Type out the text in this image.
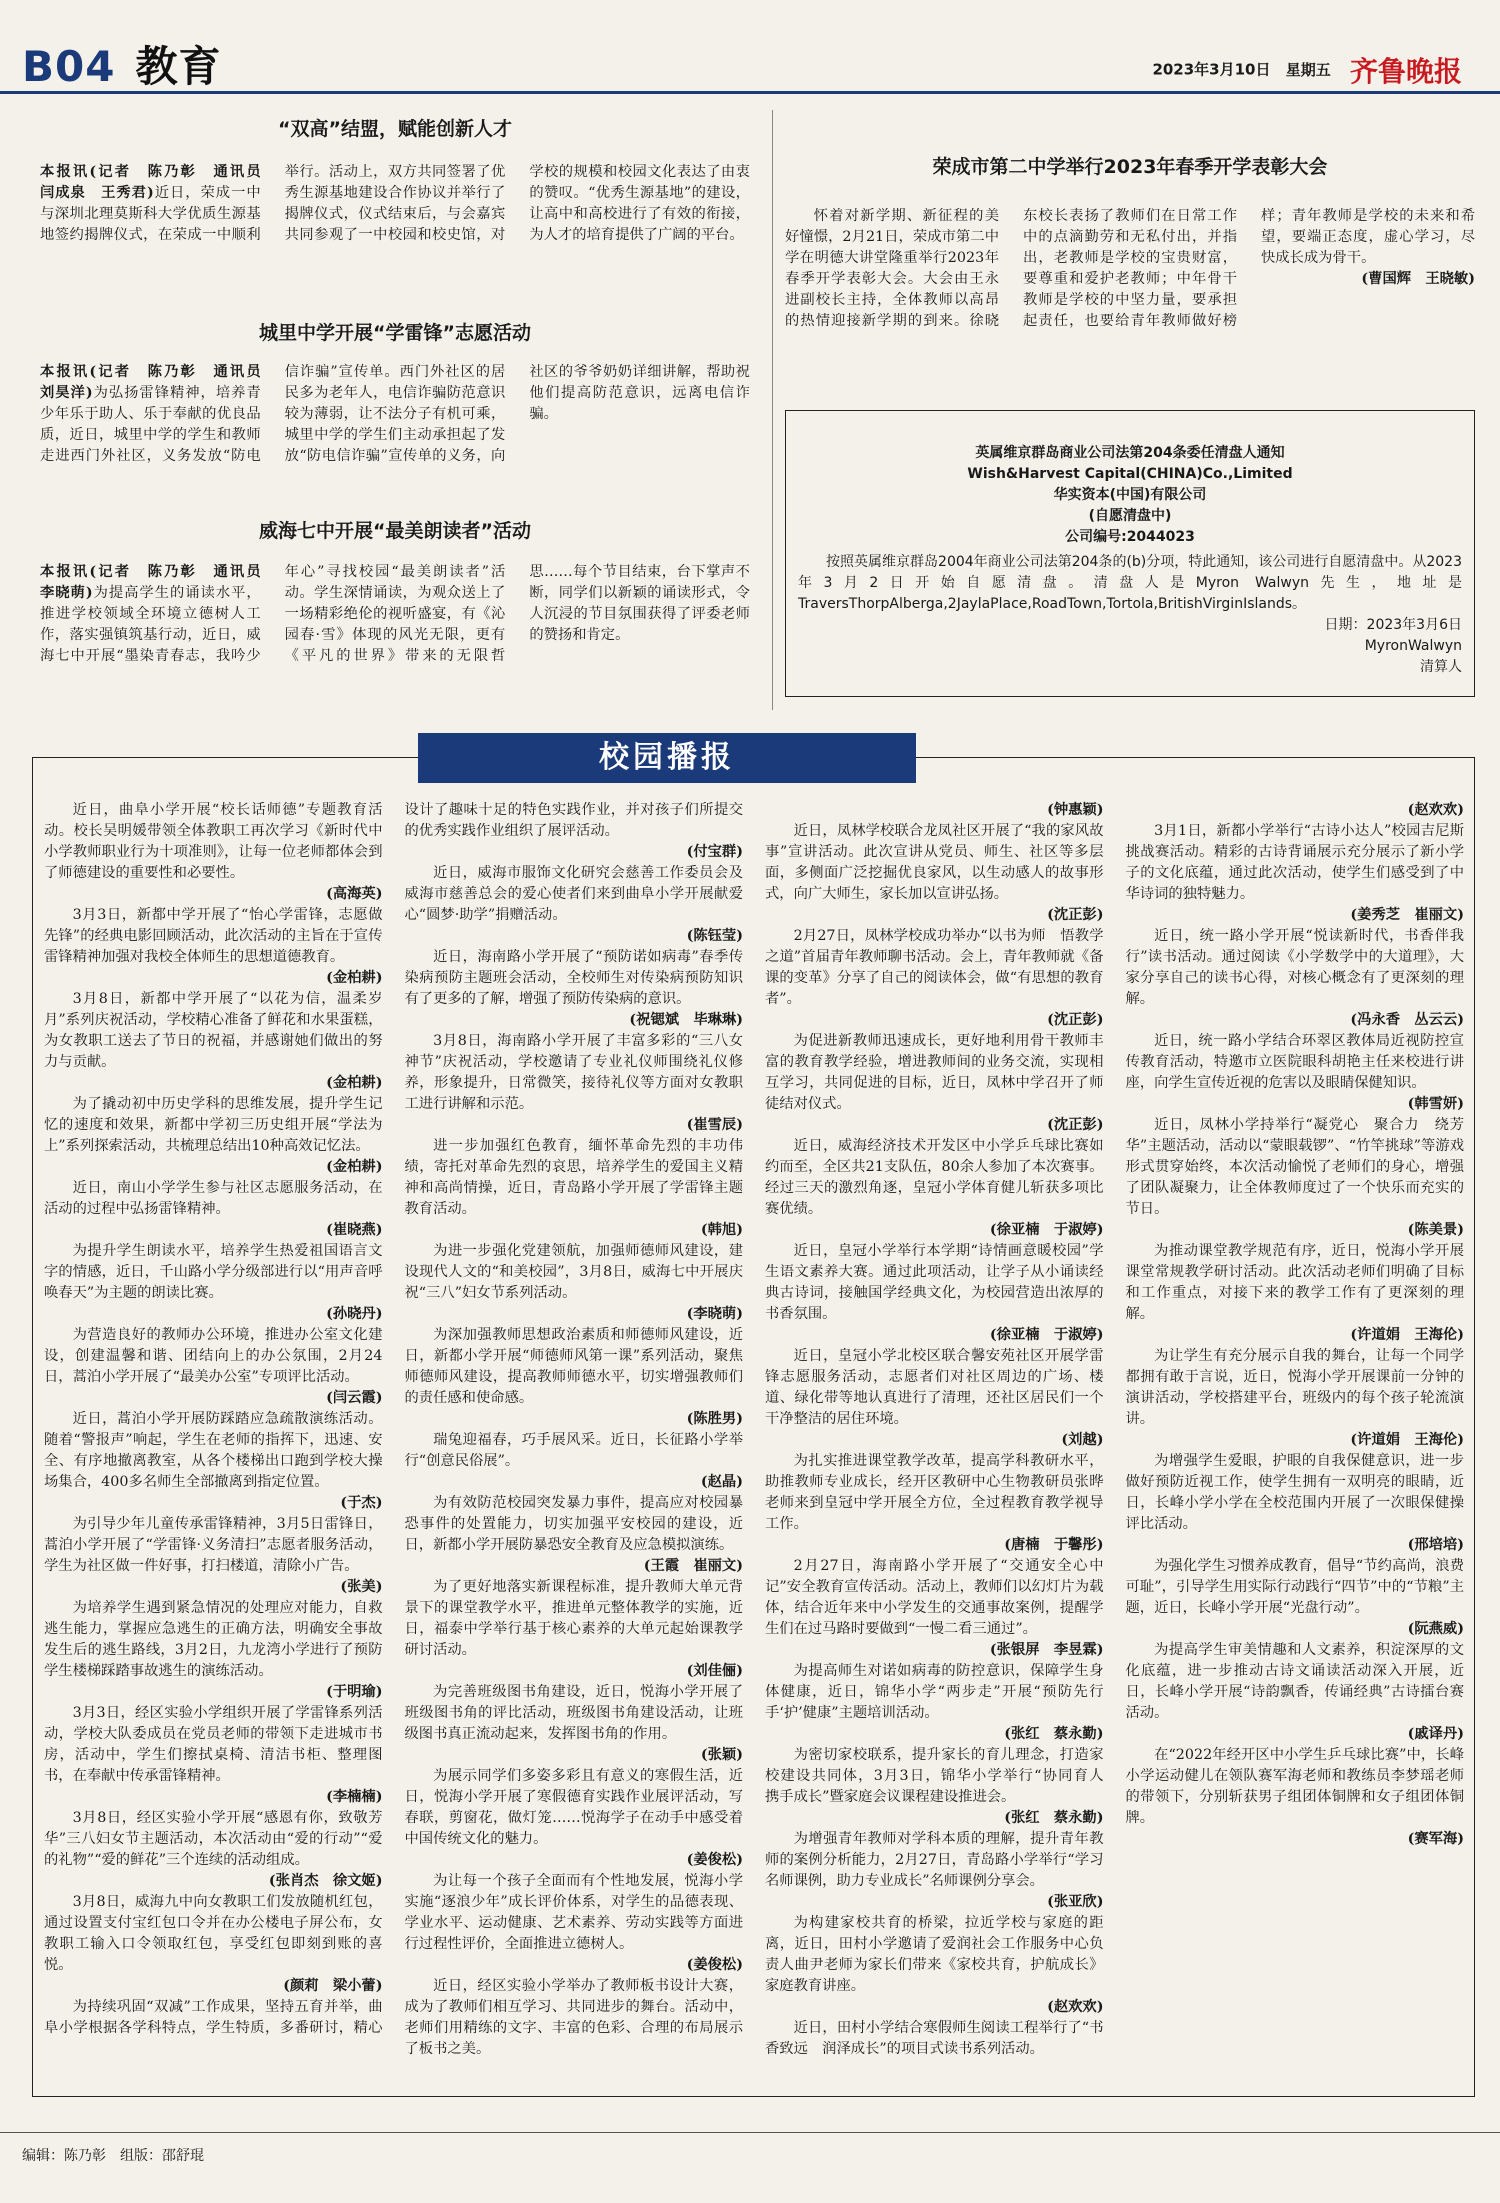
B04 教育	2023年3月10日 星期五 齐鲁晚报
“双高”结盟，赋能创新人才

本报讯(记者　陈乃彰　通讯员　闫成泉　王秀君)近日，荣成一中与深圳北理莫斯科大学优质生源基地签约揭牌仪式，在荣成一中顺利举行。活动上，双方共同签署了优秀生源基地建设合作协议并举行了揭牌仪式，仪式结束后，与会嘉宾共同参观了一中校园和校史馆，对学校的规模和校园文化表达了由衷的赞叹。“优秀生源基地”的建设，让高中和高校进行了有效的衔接，为人才的培育提供了广阔的平台。

城里中学开展“学雷锋”志愿活动

本报讯(记者　陈乃彰　通讯员　刘昊洋)为弘扬雷锋精神，培养青少年乐于助人、乐于奉献的优良品质，近日，城里中学的学生和教师走进西门外社区，义务发放“防电信诈骗”宣传单。西门外社区的居民多为老年人，电信诈骗防范意识较为薄弱，让不法分子有机可乘，城里中学的学生们主动承担起了发放“防电信诈骗”宣传单的义务，向社区的爷爷奶奶详细讲解，帮助祝他们提高防范意识，远离电信诈骗。

威海七中开展“最美朗读者”活动

本报讯(记者　陈乃彰　通讯员　李晓萌)为提高学生的诵读水平，推进学校领域全环境立德树人工作，落实强镇筑基行动，近日，威海七中开展“墨染青春志，我吟少年心”寻找校园“最美朗读者”活动。学生深情诵读，为观众送上了一场精彩绝伦的视听盛宴，有《沁园春·雪》体现的风光无限，更有《平凡的世界》带来的无限哲思……每个节目结束，台下掌声不断，同学们以新颖的诵读形式，令人沉浸的节目氛围获得了评委老师的赞扬和肯定。

荣成市第二中学举行2023年春季开学表彰大会

怀着对新学期、新征程的美好憧憬，2月21日，荣成市第二中学在明德大讲堂隆重举行2023年春季开学表彰大会。大会由王永进副校长主持，全体教师以高昂的热情迎接新学期的到来。徐晓东校长表扬了教师们在日常工作中的点滴勤劳和无私付出，并指出，老教师是学校的宝贵财富，要尊重和爱护老教师；中年骨干教师是学校的中坚力量，要承担起责任，也要给青年教师做好榜样；青年教师是学校的未来和希望，要端正态度，虚心学习，尽快成长成为骨干。

(曹国辉　王晓敏)

英属维京群岛商业公司法第204条委任清盘人通知
Wish&Harvest Capital(CHINA)Co.,Limited
华实资本(中国)有限公司
(自愿清盘中)
公司编号:2044023
按照英属维京群岛2004年商业公司法第204条的(b)分项，特此通知，该公司进行自愿清盘中。从2023年3月2日开始自愿清盘。清盘人是Myron Walwyn先生，地址是TraversThorpAlberga,2JaylaPlace,RoadTown,Tortola,BritishVirginIslands。
日期：2023年3月6日
MyronWalwyn
清算人
校园播报

近日，曲阜小学开展“校长话师德”专题教育活动。校长吴明媛带领全体教职工再次学习《新时代中小学教师职业行为十项准则》，让每一位老师都体会到了师德建设的重要性和必要性。

(高海英)

3月3日，新都中学开展了“怡心学雷锋，志愿做先锋”的经典电影回顾活动，此次活动的主旨在于宣传雷锋精神加强对我校全体师生的思想道德教育。

(金柏耕)

3月8日，新都中学开展了“以花为信，温柔岁月”系列庆祝活动，学校精心准备了鲜花和水果蛋糕，为女教职工送去了节日的祝福，并感谢她们做出的努力与贡献。

(金柏耕)

为了撬动初中历史学科的思维发展，提升学生记忆的速度和效果，新都中学初三历史组开展“学法为上”系列探索活动，共梳理总结出10种高效记忆法。

(金柏耕)

近日，南山小学学生参与社区志愿服务活动，在活动的过程中弘扬雷锋精神。

(崔晓燕)

为提升学生朗读水平，培养学生热爱祖国语言文字的情感，近日，千山路小学分级部进行以“用声音呼唤春天”为主题的朗读比赛。

(孙晓丹)

为营造良好的教师办公环境，推进办公室文化建设，创建温馨和谐、团结向上的办公氛围，2月24日，蒿泊小学开展了“最美办公室”专项评比活动。

(闫云霞)

近日，蒿泊小学开展防踩踏应急疏散演练活动。随着“警报声”响起，学生在老师的指挥下，迅速、安全、有序地撤离教室，从各个楼梯出口跑到学校大操场集合，400多名师生全部撤离到指定位置。

(于杰)

为引导少年儿童传承雷锋精神，3月5日雷锋日，蒿泊小学开展了“学雷锋·义务清扫”志愿者服务活动，学生为社区做一件好事，打扫楼道，清除小广告。

(张美)

为培养学生遇到紧急情况的处理应对能力，自救逃生能力，掌握应急逃生的正确方法，明确安全事故发生后的逃生路线，3月2日，九龙湾小学进行了预防学生楼梯踩踏事故逃生的演练活动。

(于明瑜)

3月3日，经区实验小学组织开展了学雷锋系列活动，学校大队委成员在党员老师的带领下走进城市书房，活动中，学生们擦拭桌椅、清洁书柜、整理图书，在奉献中传承雷锋精神。

(李楠楠)

3月8日，经区实验小学开展“感恩有你，致敬芳华”三八妇女节主题活动，本次活动由“爱的行动”“爱的礼物”“爱的鲜花”三个连续的活动组成。

(张肖杰　徐文姬)

3月8日，威海九中向女教职工们发放随机红包，通过设置支付宝红包口令并在办公楼电子屏公布，女教职工输入口令领取红包，享受红包即刻到账的喜悦。

(颜莉　梁小蕾)

为持续巩固“双减”工作成果，坚持五育并举，曲阜小学根据各学科特点，学生特质，多番研讨，精心设计了趣味十足的特色实践作业，并对孩子们所提交的优秀实践作业组织了展评活动。

(付宝群)

近日，威海市服饰文化研究会慈善工作委员会及威海市慈善总会的爱心使者们来到曲阜小学开展献爱心“圆梦·助学”捐赠活动。

(陈钰莹)

近日，海南路小学开展了“预防诺如病毒”春季传染病预防主题班会活动，全校师生对传染病预防知识有了更多的了解，增强了预防传染病的意识。

(祝锶斌　毕琳琳)

3月8日，海南路小学开展了丰富多彩的“三八女神节”庆祝活动，学校邀请了专业礼仪师围绕礼仪修养，形象提升，日常微笑，接待礼仪等方面对女教职工进行讲解和示范。

(崔雪辰)

进一步加强红色教育，缅怀革命先烈的丰功伟绩，寄托对革命先烈的哀思，培养学生的爱国主义精神和高尚情操，近日，青岛路小学开展了学雷锋主题教育活动。

(韩旭)

为进一步强化党建领航，加强师德师风建设，建设现代人文的“和美校园”，3月8日，威海七中开展庆祝“三八”妇女节系列活动。

(李晓萌)

为深加强教师思想政治素质和师德师风建设，近日，新都小学开展“师德师风第一课”系列活动，聚焦师德师风建设，提高教师师德水平，切实增强教师们的责任感和使命感。

(陈胜男)

瑞兔迎福春，巧手展风采。近日，长征路小学举行“创意民俗展”。

(赵晶)

为有效防范校园突发暴力事件，提高应对校园暴恐事件的处置能力，切实加强平安校园的建设，近日，新都小学开展防暴恐安全教育及应急模拟演练。

(王霞　崔丽文)

为了更好地落实新课程标准，提升教师大单元背景下的课堂教学水平，推进单元整体教学的实施，近日，福泰中学举行基于核心素养的大单元起始课教学研讨活动。

(刘佳俪)

为完善班级图书角建设，近日，悦海小学开展了班级图书角的评比活动，班级图书角建设活动，让班级图书真正流动起来，发挥图书角的作用。

(张颖)

为展示同学们多姿多彩且有意义的寒假生活，近日，悦海小学开展了寒假德育实践作业展评活动，写春联，剪窗花，做灯笼……悦海学子在动手中感受着中国传统文化的魅力。

(姜俊松)

为让每一个孩子全面而有个性地发展，悦海小学实施“逐浪少年”成长评价体系，对学生的品德表现、学业水平、运动健康、艺术素养、劳动实践等方面进行过程性评价，全面推进立德树人。

(姜俊松)

近日，经区实验小学举办了教师板书设计大赛，成为了教师们相互学习、共同进步的舞台。活动中，老师们用精练的文字、丰富的色彩、合理的布局展示了板书之美。

(钟惠颖)

近日，凤林学校联合龙凤社区开展了“我的家风故事”宣讲活动。此次宣讲从党员、师生、社区等多层面，多侧面广泛挖掘优良家风，以生动感人的故事形式，向广大师生，家长加以宣讲弘扬。

(沈正彭)

2月27日，凤林学校成功举办“以书为师　悟教学之道”首届青年教师聊书活动。会上，青年教师就《备课的变革》分享了自己的阅读体会，做“有思想的教育者”。

(沈正彭)

为促进新教师迅速成长，更好地利用骨干教师丰富的教育教学经验，增进教师间的业务交流，实现相互学习，共同促进的目标，近日，凤林中学召开了师徒结对仪式。

(沈正彭)

近日，威海经济技术开发区中小学乒乓球比赛如约而至，全区共21支队伍，80余人参加了本次赛事。经过三天的激烈角逐，皇冠小学体育健儿斩获多项比赛优绩。

(徐亚楠　于淑婷)

近日，皇冠小学举行本学期“诗情画意暖校园”学生语文素养大赛。通过此项活动，让学子从小诵读经典古诗词，接触国学经典文化，为校园营造出浓厚的书香氛围。

(徐亚楠　于淑婷)

近日，皇冠小学北校区联合馨安苑社区开展学雷锋志愿服务活动，志愿者们对社区周边的广场、楼道、绿化带等地认真进行了清理，还社区居民们一个干净整洁的居住环境。

(刘越)

为扎实推进课堂教学改革，提高学科教研水平，助推教师专业成长，经开区教研中心生物教研员张晔老师来到皇冠中学开展全方位，全过程教育教学视导工作。

(唐楠　于馨彤)

2月27日，海南路小学开展了“交通安全心中记”安全教育宣传活动。活动上，教师们以幻灯片为载体，结合近年来中小学发生的交通事故案例，提醒学生们在过马路时要做到“一慢二看三通过”。

(张银屏　李昱霖)

为提高师生对诺如病毒的防控意识，保障学生身体健康，近日，锦华小学“两步走”开展“预防先行　手‘护’健康”主题培训活动。

(张红　蔡永勤)

为密切家校联系，提升家长的育儿理念，打造家校建设共同体，3月3日，锦华小学举行“协同育人　携手成长”暨家庭会议课程建设推进会。

(张红　蔡永勤)

为增强青年教师对学科本质的理解，提升青年教师的案例分析能力，2月27日，青岛路小学举行“学习名师课例，助力专业成长”名师课例分享会。

(张亚欣)

为构建家校共育的桥梁，拉近学校与家庭的距离，近日，田村小学邀请了爱润社会工作服务中心负责人曲尹老师为家长们带来《家校共育，护航成长》家庭教育讲座。

(赵欢欢)

近日，田村小学结合寒假师生阅读工程举行了“书香致远　润泽成长”的项目式读书系列活动。

(赵欢欢)

3月1日，新都小学举行“古诗小达人”校园吉尼斯挑战赛活动。精彩的古诗背诵展示充分展示了新小学子的文化底蕴，通过此次活动，使学生们感受到了中华诗词的独特魅力。

(姜秀芝　崔丽文)

近日，统一路小学开展“悦读新时代，书香伴我行”读书活动。通过阅读《小学数学中的大道理》，大家分享自己的读书心得，对核心概念有了更深刻的理解。

(冯永香　丛云云)

近日，统一路小学结合环翠区教体局近视防控宣传教育活动，特邀市立医院眼科胡艳主任来校进行讲座，向学生宣传近视的危害以及眼睛保健知识。

(韩雪妍)

近日，凤林小学持举行“凝党心　聚合力　绕芳华”主题活动，活动以“蒙眼载锣”、“竹竿挑球”等游戏形式贯穿始终，本次活动愉悦了老师们的身心，增强了团队凝聚力，让全体教师度过了一个快乐而充实的节日。

(陈美景)

为推动课堂教学规范有序，近日，悦海小学开展课堂常规教学研讨活动。此次活动老师们明确了目标和工作重点，对接下来的教学工作有了更深刻的理解。

(许道娟　王海伦)

为让学生有充分展示自我的舞台，让每一个同学都拥有敢于言说，近日，悦海小学开展课前一分钟的演讲活动，学校搭建平台，班级内的每个孩子轮流演讲。

(许道娟　王海伦)

为增强学生爱眼，护眼的自我保健意识，进一步做好预防近视工作，使学生拥有一双明亮的眼睛，近日，长峰小学小学在全校范围内开展了一次眼保健操评比活动。

(邢培培)

为强化学生习惯养成教育，倡导“节约高尚，浪费可耻”，引导学生用实际行动践行“四节”中的“节粮”主题，近日，长峰小学开展“光盘行动”。

(阮燕威)

为提高学生审美情趣和人文素养，积淀深厚的文化底蕴，进一步推动古诗文诵读活动深入开展，近日，长峰小学开展“诗韵飘香，传诵经典”古诗擂台赛活动。

(戚译丹)

在“2022年经开区中小学生乒乓球比赛”中，长峰小学运动健儿在领队赛军海老师和教练员李梦瑶老师的带领下，分别斩获男子组团体铜牌和女子组团体铜牌。

(赛军海)

编辑：陈乃彰　组版：邵舒琨
